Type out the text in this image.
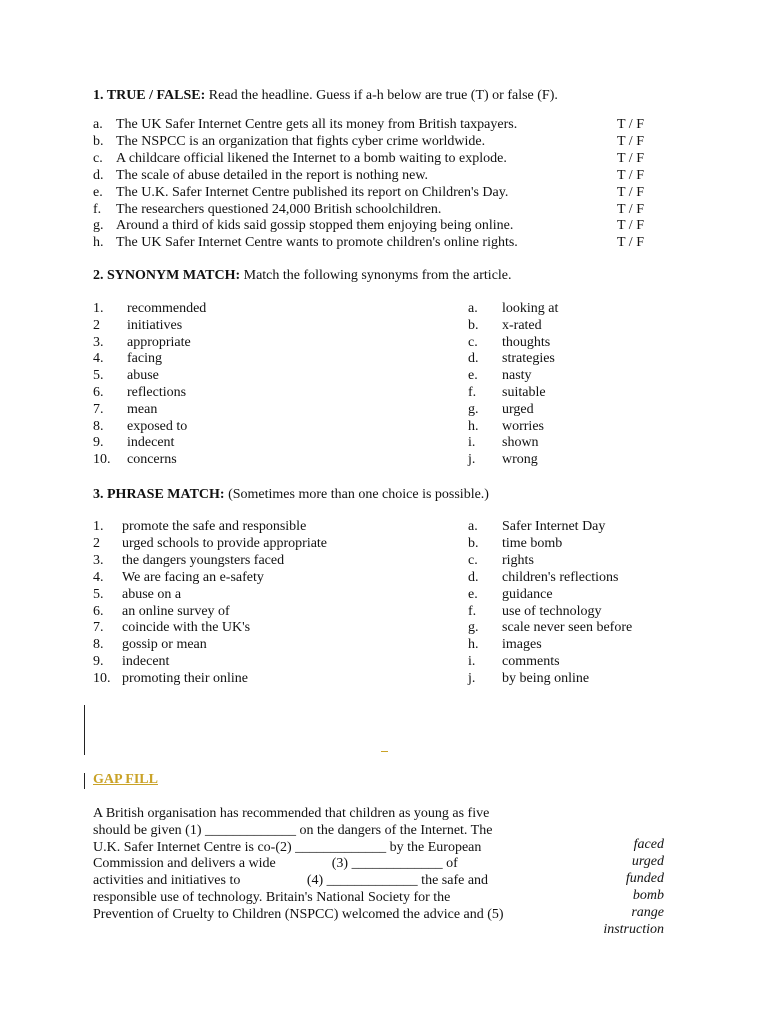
1. TRUE / FALSE: Read the headline. Guess if a-h below are true (T) or false (F).
a. The UK Safer Internet Centre gets all its money from British taxpayers.	T / F
b. The NSPCC is an organization that fights cyber crime worldwide.	T / F
c. A childcare official likened the Internet to a bomb waiting to explode.	T / F
d. The scale of abuse detailed in the report is nothing new.	T / F
e. The U.K. Safer Internet Centre published its report on Children's Day.	T / F
f. The researchers questioned 24,000 British schoolchildren.	T / F
g. Around a third of kids said gossip stopped them enjoying being online.	T / F
h. The UK Safer Internet Centre wants to promote children's online rights.	T / F
2. SYNONYM MATCH: Match the following synonyms from the article.
1. recommended	a. looking at
2 initiatives	b. x-rated
3. appropriate	c. thoughts
4. facing	d. strategies
5. abuse	e. nasty
6. reflections	f. suitable
7. mean	g. urged
8. exposed to	h. worries
9. indecent	i. shown
10. concerns	j. wrong
3. PHRASE MATCH: (Sometimes more than one choice is possible.)
1. promote the safe and responsible	a. Safer Internet Day
2 urged schools to provide appropriate	b. time bomb
3. the dangers youngsters faced	c. rights
4. We are facing an e-safety	d. children's reflections
5. abuse on a	e. guidance
6. an online survey of	f. use of technology
7. coincide with the UK's	g. scale never seen before
8. gossip or mean	h. images
9. indecent	i. comments
10. promoting their online	j. by being online
GAP FILL
A British organisation has recommended that children as young as five
should be given (1) _____________ on the dangers of the Internet. The
U.K. Safer Internet Centre is co-(2) _____________ by the European
Commission and delivers a wide                (3) _____________ of
activities and initiatives to                   (4) _____________ the safe and
responsible use of technology. Britain's National Society for the
Prevention of Cruelty to Children (NSPCC) welcomed the advice and (5)
faced
urged
funded
bomb
range
instruction
